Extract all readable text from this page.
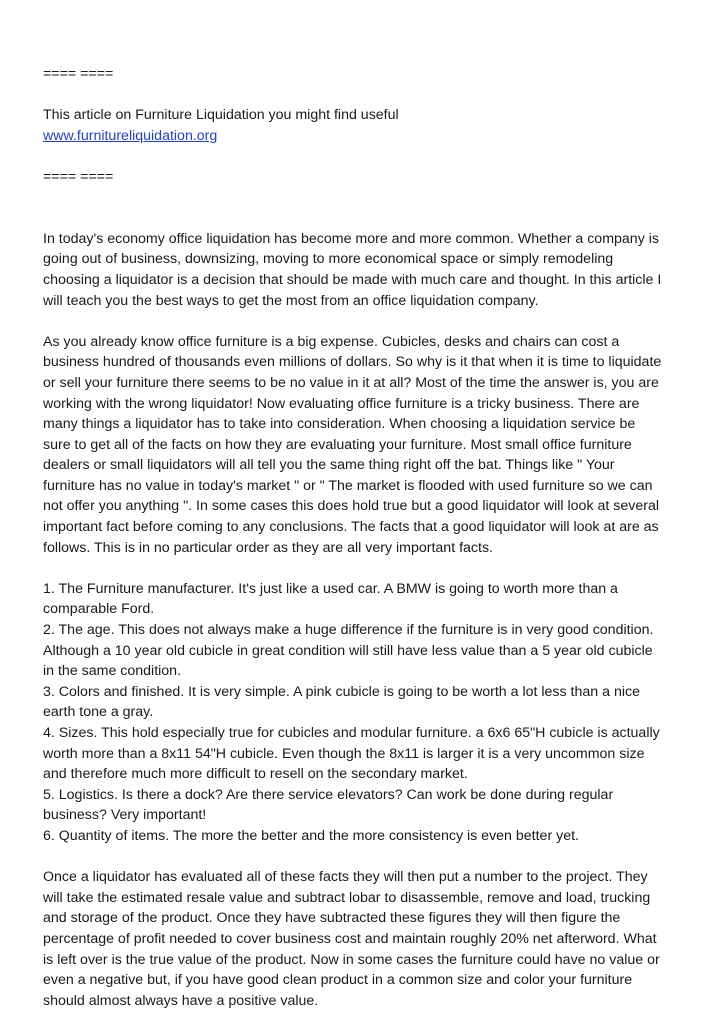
==== ====

This article on Furniture Liquidation you might find useful

www.furnitureliquidation.org

==== ====

In today's economy office liquidation has become more and more common. Whether a company is

going out of business, downsizing, moving to more economical space or simply remodeling

choosing a liquidator is a decision that should be made with much care and thought. In this article I

will teach you the best ways to get the most from an office liquidation company.

As you already know office furniture is a big expense. Cubicles, desks and chairs can cost a

business hundred of thousands even millions of dollars. So why is it that when it is time to liquidate

or sell your furniture there seems to be no value in it at all? Most of the time the answer is, you are

working with the wrong liquidator! Now evaluating office furniture is a tricky business. There are

many things a liquidator has to take into consideration. When choosing a liquidation service be

sure to get all of the facts on how they are evaluating your furniture. Most small office furniture

dealers or small liquidators will all tell you the same thing right off the bat. Things like " Your

furniture has no value in today's market " or " The market is flooded with used furniture so we can

not offer you anything ". In some cases this does hold true but a good liquidator will look at several

important fact before coming to any conclusions. The facts that a good liquidator will look at are as

follows. This is in no particular order as they are all very important facts.

1. The Furniture manufacturer. It's just like a used car. A BMW is going to worth more than a

comparable Ford.

2. The age. This does not always make a huge difference if the furniture is in very good condition.

Although a 10 year old cubicle in great condition will still have less value than a 5 year old cubicle

in the same condition.

3. Colors and finished. It is very simple. A pink cubicle is going to be worth a lot less than a nice

earth tone a gray.

4. Sizes. This hold especially true for cubicles and modular furniture. a 6x6 65"H cubicle is actually

worth more than a 8x11 54"H cubicle. Even though the 8x11 is larger it is a very uncommon size

and therefore much more difficult to resell on the secondary market.

5. Logistics. Is there a dock? Are there service elevators? Can work be done during regular

business? Very important!

6. Quantity of items. The more the better and the more consistency is even better yet.

Once a liquidator has evaluated all of these facts they will then put a number to the project. They

will take the estimated resale value and subtract lobar to disassemble, remove and load, trucking

and storage of the product. Once they have subtracted these figures they will then figure the

percentage of profit needed to cover business cost and maintain roughly 20% net afterword. What

is left over is the true value of the product. Now in some cases the furniture could have no value or

even a negative but, if you have good clean product in a common size and color your furniture

should almost always have a positive value.
